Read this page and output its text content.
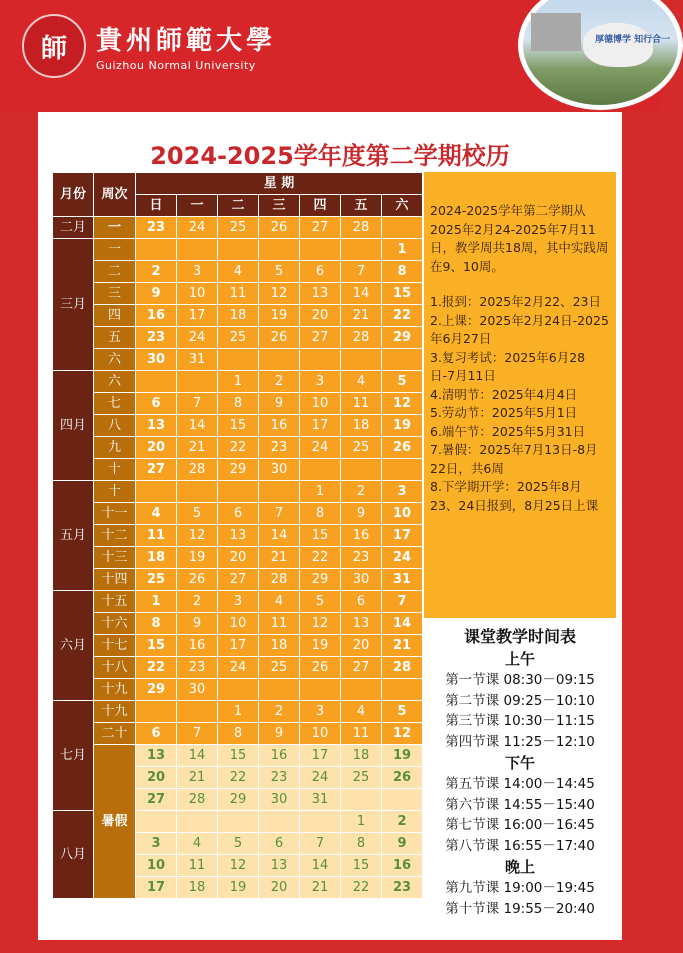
師	貴州師範大學
Guizhou Normal University
厚德博学 知行合一
2024-2025学年度第二学期校历
月份	周次	星 期						
		日	一	二	三	四	五	六
二月	一	23	24	25	26	27	28	
三月	一							1
	二	2	3	4	5	6	7	8
	三	9	10	11	12	13	14	15
	四	16	17	18	19	20	21	22
	五	23	24	25	26	27	28	29
	六	30	31					
四月	六			1	2	3	4	5
	七	6	7	8	9	10	11	12
	八	13	14	15	16	17	18	19
	九	20	21	22	23	24	25	26
	十	27	28	29	30			
五月	十					1	2	3
	十一	4	5	6	7	8	9	10
	十二	11	12	13	14	15	16	17
	十三	18	19	20	21	22	23	24
	十四	25	26	27	28	29	30	31
六月	十五	1	2	3	4	5	6	7
	十六	8	9	10	11	12	13	14
	十七	15	16	17	18	19	20	21
	十八	22	23	24	25	26	27	28
	十九	29	30					
七月	十九			1	2	3	4	5
	二十	6	7	8	9	10	11	12
	暑假	13	14	15	16	17	18	19
		20	21	22	23	24	25	26
		27	28	29	30	31		
八月							1	2
		3	4	5	6	7	8	9
		10	11	12	13	14	15	16
		17	18	19	20	21	22	23

2024-2025学年第二学期从2025年2月24-2025年7月11日，教学周共18周，其中实践周在9、10周。

1.报到：2025年2月22、23日

2.上课：2025年2月24日-2025年6月27日

3.复习考试：2025年6月28日-7月11日

4.清明节：2025年4月4日

5.劳动节：2025年5月1日

6.端午节：2025年5月31日

7.暑假：2025年7月13日-8月22日，共6周

8.下学期开学：2025年8月23、24日报到，8月25日上课

课堂教学时间表
上午
第一节课 08:30－09:15
第二节课 09:25－10:10
第三节课 10:30－11:15
第四节课 11:25－12:10
下午
第五节课 14:00－14:45
第六节课 14:55－15:40
第七节课 16:00－16:45
第八节课 16:55－17:40
晚上
第九节课 19:00－19:45
第十节课 19:55－20:40
